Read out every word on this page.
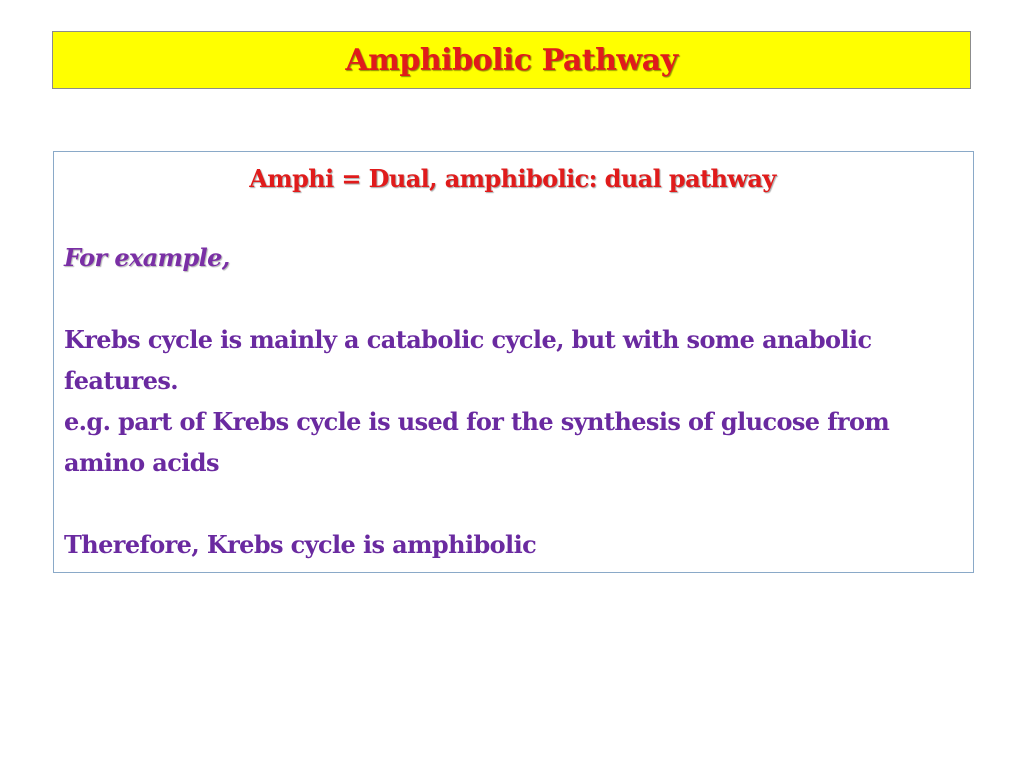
Amphibolic Pathway

Amphi = Dual, amphibolic: dual pathway

For example,

Krebs cycle is mainly a catabolic cycle, but with some anabolic features.

e.g. part of Krebs cycle is used for the synthesis of glucose from amino acids

Therefore, Krebs cycle is amphibolic
